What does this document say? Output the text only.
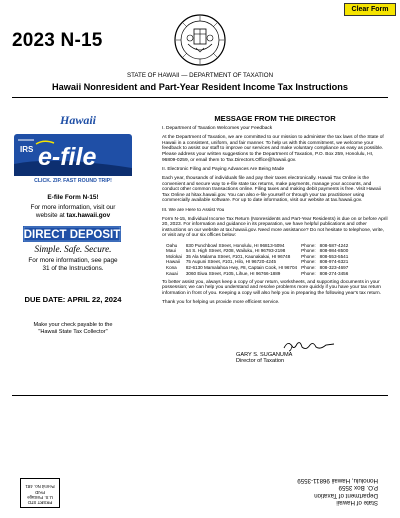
Clear Form
2023 N-15
STATE OF HAWAII — DEPARTMENT OF TAXATION
Hawaii Nonresident and Part-Year Resident Income Tax Instructions
Hawaii
IRS e-file
CLICK. ZIP. FAST ROUND TRIP!
E-file Form N-15!
For more information, visit our
website at tax.hawaii.gov
DIRECT DEPOSIT
Simple. Safe. Secure.
For more information, see page
31 of the Instructions.
DUE DATE: APRIL 22, 2024
Make your check payable to the
"Hawaii State Tax Collector"
MESSAGE FROM THE DIRECTOR

I. Department of Taxation Welcomes your Feedback

At the Department of Taxation, we are committed to our mission to administer the tax laws of the State of Hawaii in a consistent, uniform, and fair manner. To help us with this commitment, we welcome your feedback to assist our staff to improve our services and make voluntary compliance as easy as possible. Please address your written suggestions to the Department of Taxation, P.O. Box 259, Honolulu, HI, 96809-0259, or email them to Tax.Directors.Office@hawaii.gov.

II. Electronic Filing and Paying Advances Are Being Made

Each year, thousands of individuals file and pay their taxes electronically. Hawaii Tax Online is the convenient and secure way to e-file state tax returns, make payments, manage your accounts, and conduct other common transactions online. Filing taxes and making debit payments is free. Visit Hawaii Tax Online at hitax.hawaii.gov. You can also e-file yourself or through your tax practitioner using commercially available software. For up to date information, visit our website at tax.hawaii.gov.

III. We are Here to Assist You

Form N-15, Individual Income Tax Return (Nonresidents and Part-Year Residents) is due on or before April 20, 2023. For information and guidance in its preparation, we have helpful publications and other instructions on our website at tax.hawaii.gov. Need more assistance? Do not hesitate to telephone, write, or visit any of our six offices below:

Oahu	830 Punchbowl Street, Honolulu, HI 96813-5094	Phone:	808-587-4242
Maui	54 S. High Street, #208, Wailuku, HI 96793-2198	Phone:	808-984-8500
Molokai	35 Ala Malama Street, #101, Kaunakakai, HI 96748	Phone:	808-553-5541
Hawaii	75 Aupuni Street, #101, Hilo, HI 96720-4245	Phone:	808-974-6321
Kona	82-6130 Mamalahoa Hwy, #8, Captain Cook, HI 96704	Phone:	808-323-4697
Kauai	3060 Eiwa Street, #105, Lihue, HI 96766-1889	Phone:	808-274-3456

To better assist you, always keep a copy of your return, worksheets, and supporting documents in your possession; we can help you understand and resolve problems more quickly if you have your tax return information in front of you. Keeping a copy will also help you in preparing the following year's tax return.

Thank you for helping us provide more efficient service.

GARY S. SUGANUMA
Director of Taxation
State of Hawaii
Department of Taxation
P.O. Box 3559
Honolulu, Hawaii 96811-3559
PRSRT STD
U.S. Postage
PAID
Permit No. 481
